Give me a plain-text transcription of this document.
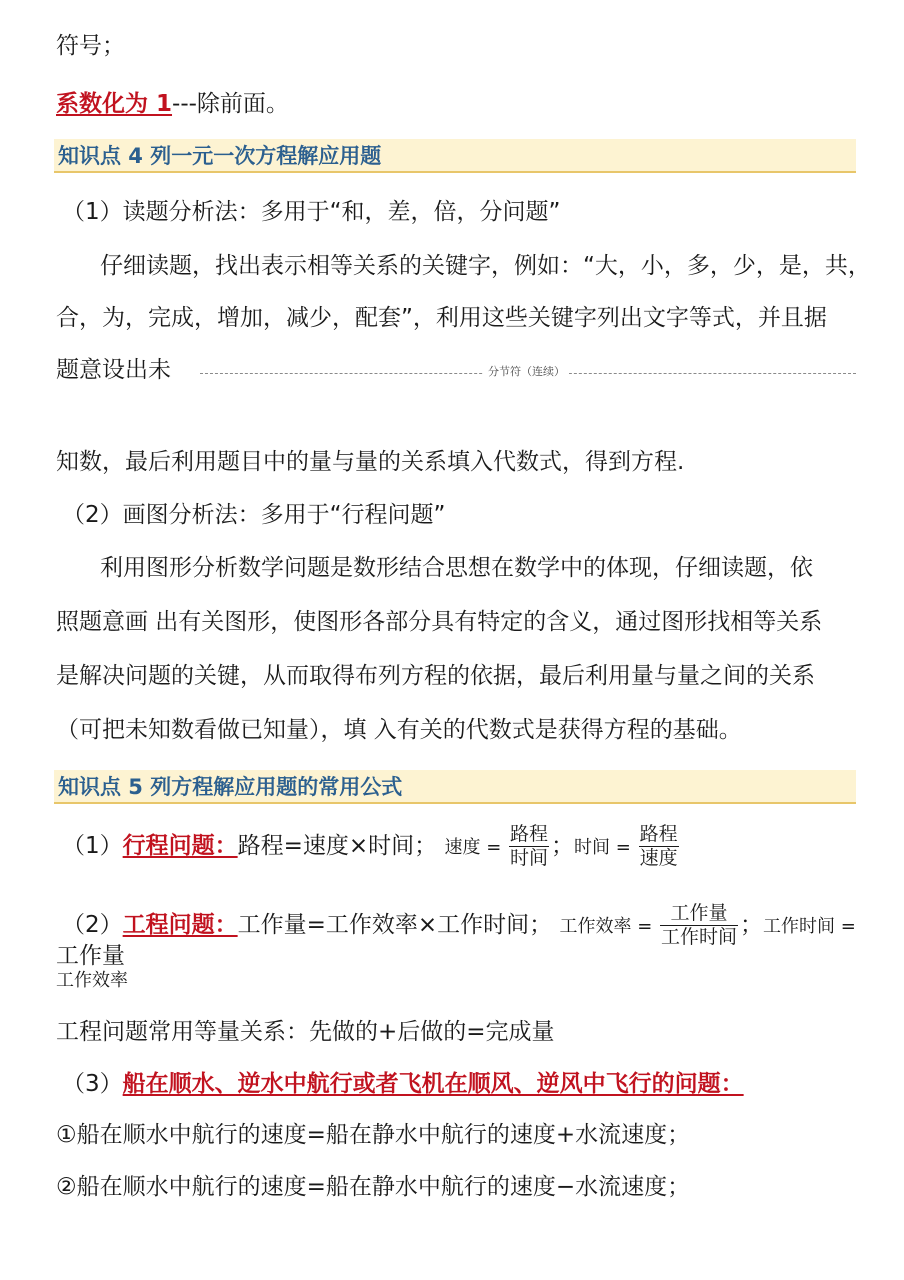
符号；
系数化为 1---除前面。
知识点 4 列一元一次方程解应用题
（1）读题分析法：多用于“和，差，倍，分问题”
仔细读题，找出表示相等关系的关键字，例如：“大，小，多，少，是，共，
合，为，完成，增加，减少，配套”，利用这些关键字列出文字等式，并且据
题意设出未	分节符（连续）
知数，最后利用题目中的量与量的关系填入代数式，得到方程.
（2）画图分析法：多用于“行程问题”
利用图形分析数学问题是数形结合思想在数学中的体现，仔细读题，依
照题意画 出有关图形，使图形各部分具有特定的含义，通过图形找相等关系
是解决问题的关键，从而取得布列方程的依据，最后利用量与量之间的关系
（可把未知数看做已知量），填 入有关的代数式是获得方程的基础。
知识点 5 列方程解应用题的常用公式
（1）行程问题：路程=速度×时间； 速度 = $\frac{\text{路程}}{\text{时间}}$ ；时间 = $\frac{\text{路程}}{\text{速度}}$
（2）工程问题：工作量=工作效率×工作时间； 工作效率 = $\frac{\text{工作量}}{\text{工作时间}}$ ；工作时间 =
工作量
工作效率
工程问题常用等量关系：先做的+后做的=完成量
（3）船在顺水、逆水中航行或者飞机在顺风、逆风中飞行的问题：
①船在顺水中航行的速度=船在静水中航行的速度+水流速度；
②船在顺水中航行的速度=船在静水中航行的速度−水流速度；
